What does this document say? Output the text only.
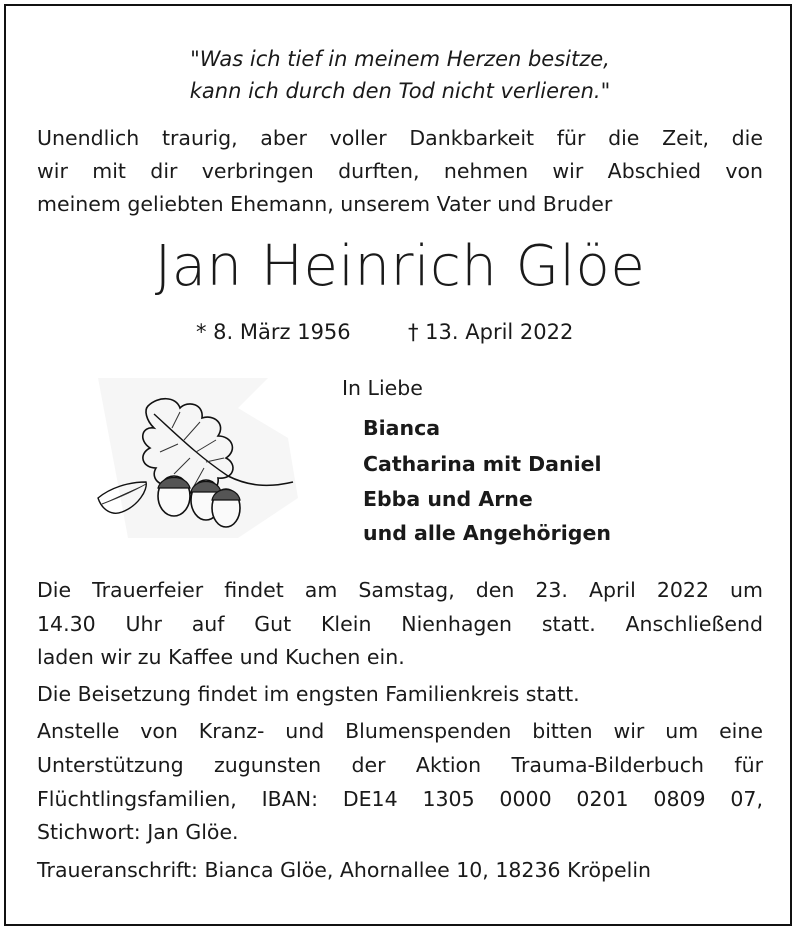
"Was ich tief in meinem Herzen besitze,
kann ich durch den Tod nicht verlieren."
Unendlich traurig, aber voller Dankbarkeit für die Zeit, die
wir mit dir verbringen durften, nehmen wir Abschied von
meinem geliebten Ehemann, unserem Vater und Bruder
Jan Heinrich Glöe
* 8. März 1956	† 13. April 2022
In Liebe
Bianca
Catharina mit Daniel
Ebba und Arne
und alle Angehörigen
Die Trauerfeier findet am Samstag, den 23. April 2022 um
14.30 Uhr auf Gut Klein Nienhagen statt. Anschließend
laden wir zu Kaffee und Kuchen ein.
Die Beisetzung findet im engsten Familienkreis statt.
Anstelle von Kranz- und Blumenspenden bitten wir um eine
Unterstützung zugunsten der Aktion Trauma-Bilderbuch für
Flüchtlingsfamilien, IBAN: DE14 1305 0000 0201 0809 07,
Stichwort: Jan Glöe.
Traueranschrift: Bianca Glöe, Ahornallee 10, 18236 Kröpelin
